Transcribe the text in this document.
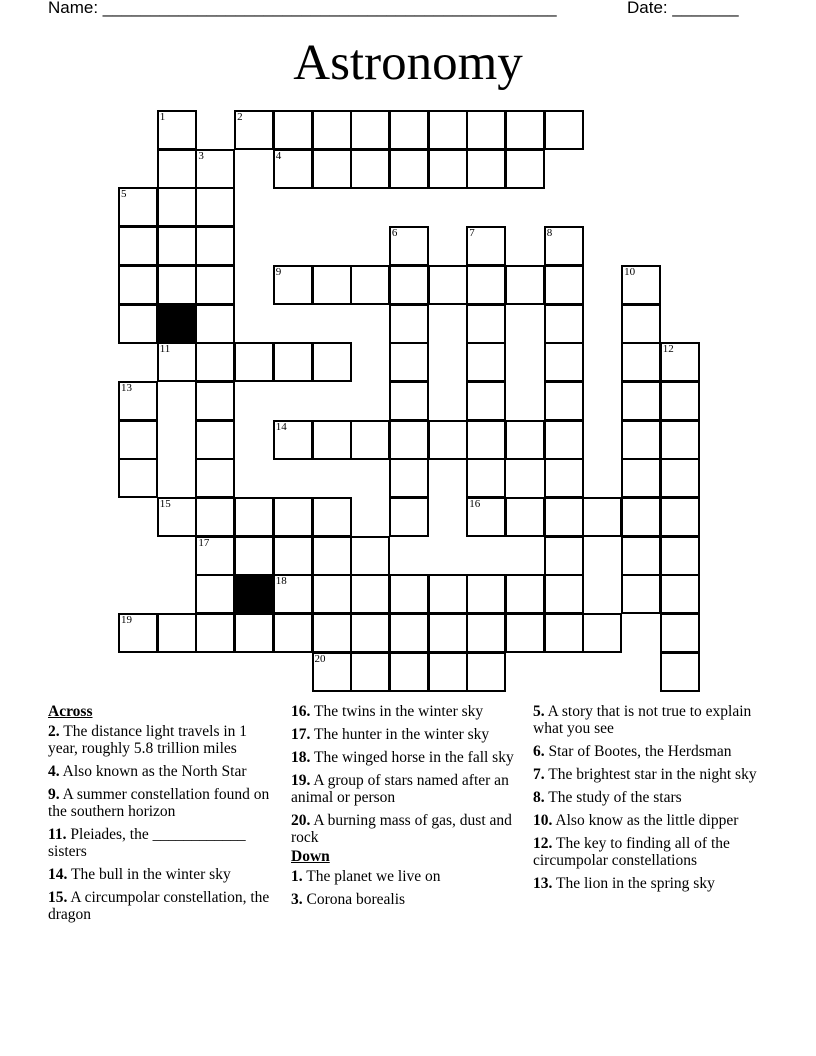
Name: ________________________________________________	Date: _______
Astronomy
1	2
3	4
5
6	7	8
9	10
11	12
13
14
15	16
17
18
19
20
Across
2. The distance light travels in 1 year, roughly 5.8 trillion miles
4. Also known as the North Star
9. A summer constellation found on the southern horizon
11. Pleiades, the ____________ sisters
14. The bull in the winter sky
15. A circumpolar constellation, the dragon
16. The twins in the winter sky
17. The hunter in the winter sky
18. The winged horse in the fall sky
19. A group of stars named after an animal or person
20. A burning mass of gas, dust and rock
Down
1. The planet we live on
3. Corona borealis
5. A story that is not true to explain what you see
6. Star of Bootes, the Herdsman
7. The brightest star in the night sky
8. The study of the stars
10. Also know as the little dipper
12. The key to finding all of the circumpolar constellations
13. The lion in the spring sky
